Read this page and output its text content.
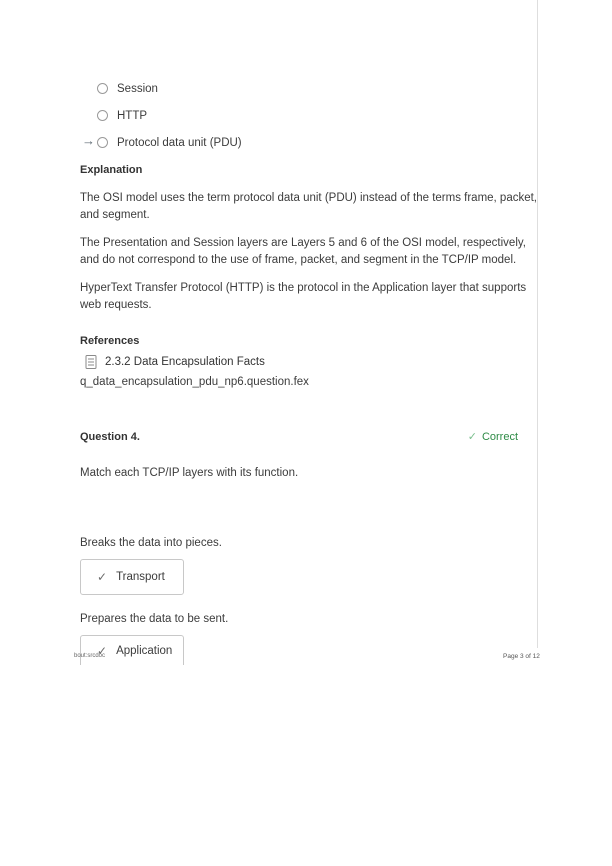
Session
HTTP
→ Protocol data unit (PDU)
Explanation

The OSI model uses the term protocol data unit (PDU) instead of the terms frame, packet, and segment.

The Presentation and Session layers are Layers 5 and 6 of the OSI model, respectively, and do not correspond to the use of frame, packet, and segment in the TCP/IP model.

HyperText Transfer Protocol (HTTP) is the protocol in the Application layer that supports web requests.

References
2.3.2 Data Encapsulation Facts
q_data_encapsulation_pdu_np6.question.fex
Question 4.	✓ Correct
Match each TCP/IP layers with its function.
Breaks the data into pieces.
✓ Transport
Prepares the data to be sent.
✓ Application
bout:srcdoc	Page 3 of 12
